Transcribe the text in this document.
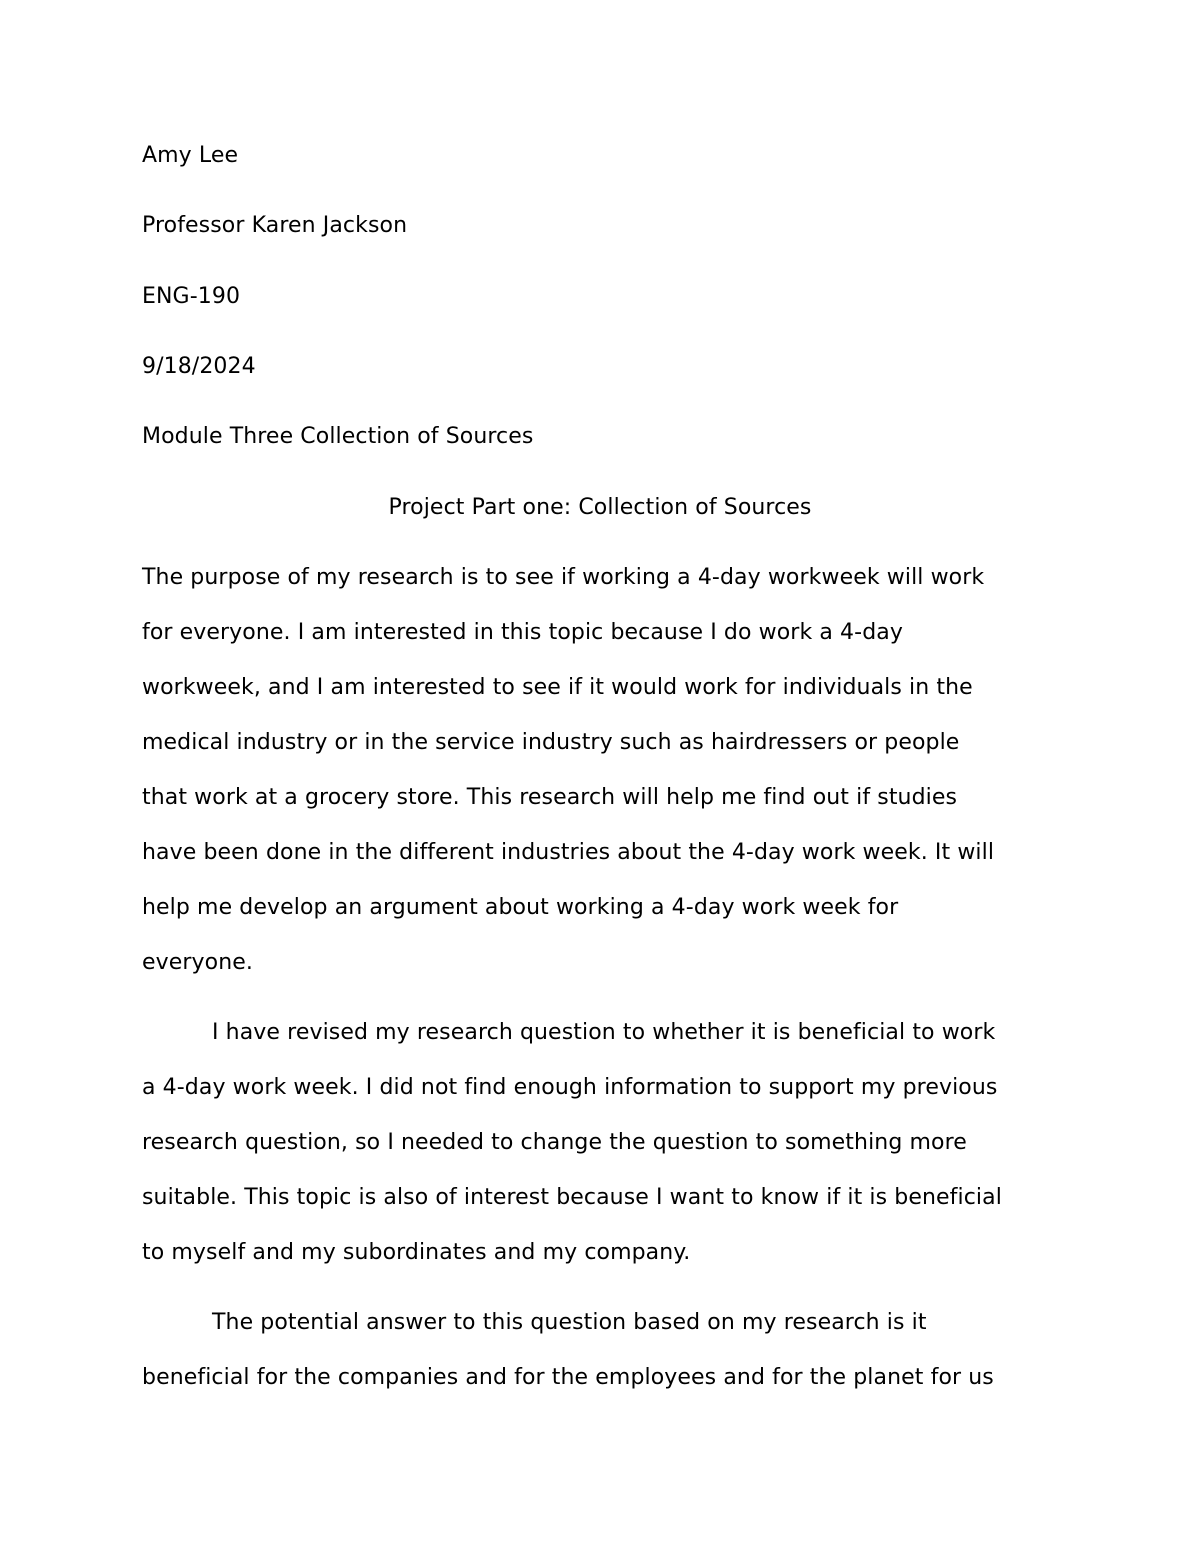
Amy Lee
Professor Karen Jackson
ENG-190
9/18/2024
Module Three Collection of Sources
Project Part one: Collection of Sources
The purpose of my research is to see if working a 4-day workweek will work
for everyone. I am interested in this topic because I do work a 4-day
workweek, and I am interested to see if it would work for individuals in the
medical industry or in the service industry such as hairdressers or people
that work at a grocery store. This research will help me find out if studies
have been done in the different industries about the 4-day work week. It will
help me develop an argument about working a 4-day work week for
everyone.
I have revised my research question to whether it is beneficial to work
a 4-day work week. I did not find enough information to support my previous
research question, so I needed to change the question to something more
suitable. This topic is also of interest because I want to know if it is beneficial
to myself and my subordinates and my company.
The potential answer to this question based on my research is it
beneficial for the companies and for the employees and for the planet for us
